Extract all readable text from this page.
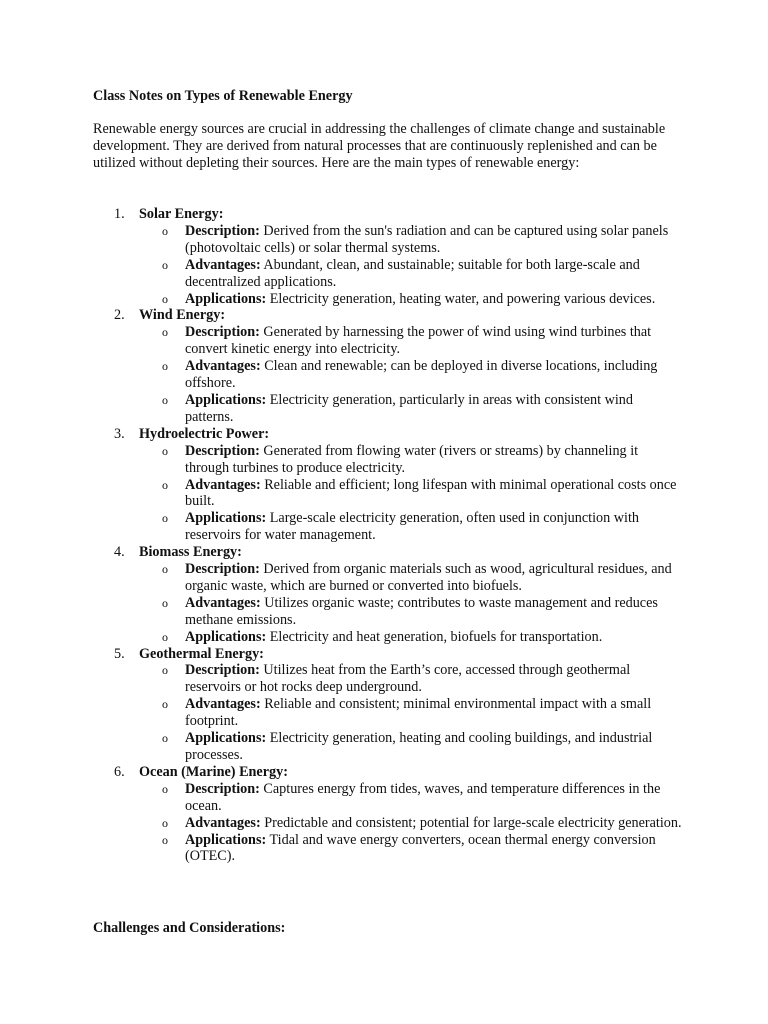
Class Notes on Types of Renewable Energy
Renewable energy sources are crucial in addressing the challenges of climate change and sustainable development. They are derived from natural processes that are continuously replenished and can be utilized without depleting their sources. Here are the main types of renewable energy:
1. Solar Energy:
o Description: Derived from the sun's radiation and can be captured using solar panels (photovoltaic cells) or solar thermal systems.
o Advantages: Abundant, clean, and sustainable; suitable for both large-scale and decentralized applications.
o Applications: Electricity generation, heating water, and powering various devices.
2. Wind Energy:
o Description: Generated by harnessing the power of wind using wind turbines that convert kinetic energy into electricity.
o Advantages: Clean and renewable; can be deployed in diverse locations, including offshore.
o Applications: Electricity generation, particularly in areas with consistent wind patterns.
3. Hydroelectric Power:
o Description: Generated from flowing water (rivers or streams) by channeling it through turbines to produce electricity.
o Advantages: Reliable and efficient; long lifespan with minimal operational costs once built.
o Applications: Large-scale electricity generation, often used in conjunction with reservoirs for water management.
4. Biomass Energy:
o Description: Derived from organic materials such as wood, agricultural residues, and organic waste, which are burned or converted into biofuels.
o Advantages: Utilizes organic waste; contributes to waste management and reduces methane emissions.
o Applications: Electricity and heat generation, biofuels for transportation.
5. Geothermal Energy:
o Description: Utilizes heat from the Earth’s core, accessed through geothermal reservoirs or hot rocks deep underground.
o Advantages: Reliable and consistent; minimal environmental impact with a small footprint.
o Applications: Electricity generation, heating and cooling buildings, and industrial processes.
6. Ocean (Marine) Energy:
o Description: Captures energy from tides, waves, and temperature differences in the ocean.
o Advantages: Predictable and consistent; potential for large-scale electricity generation.
o Applications: Tidal and wave energy converters, ocean thermal energy conversion (OTEC).
Challenges and Considerations:
